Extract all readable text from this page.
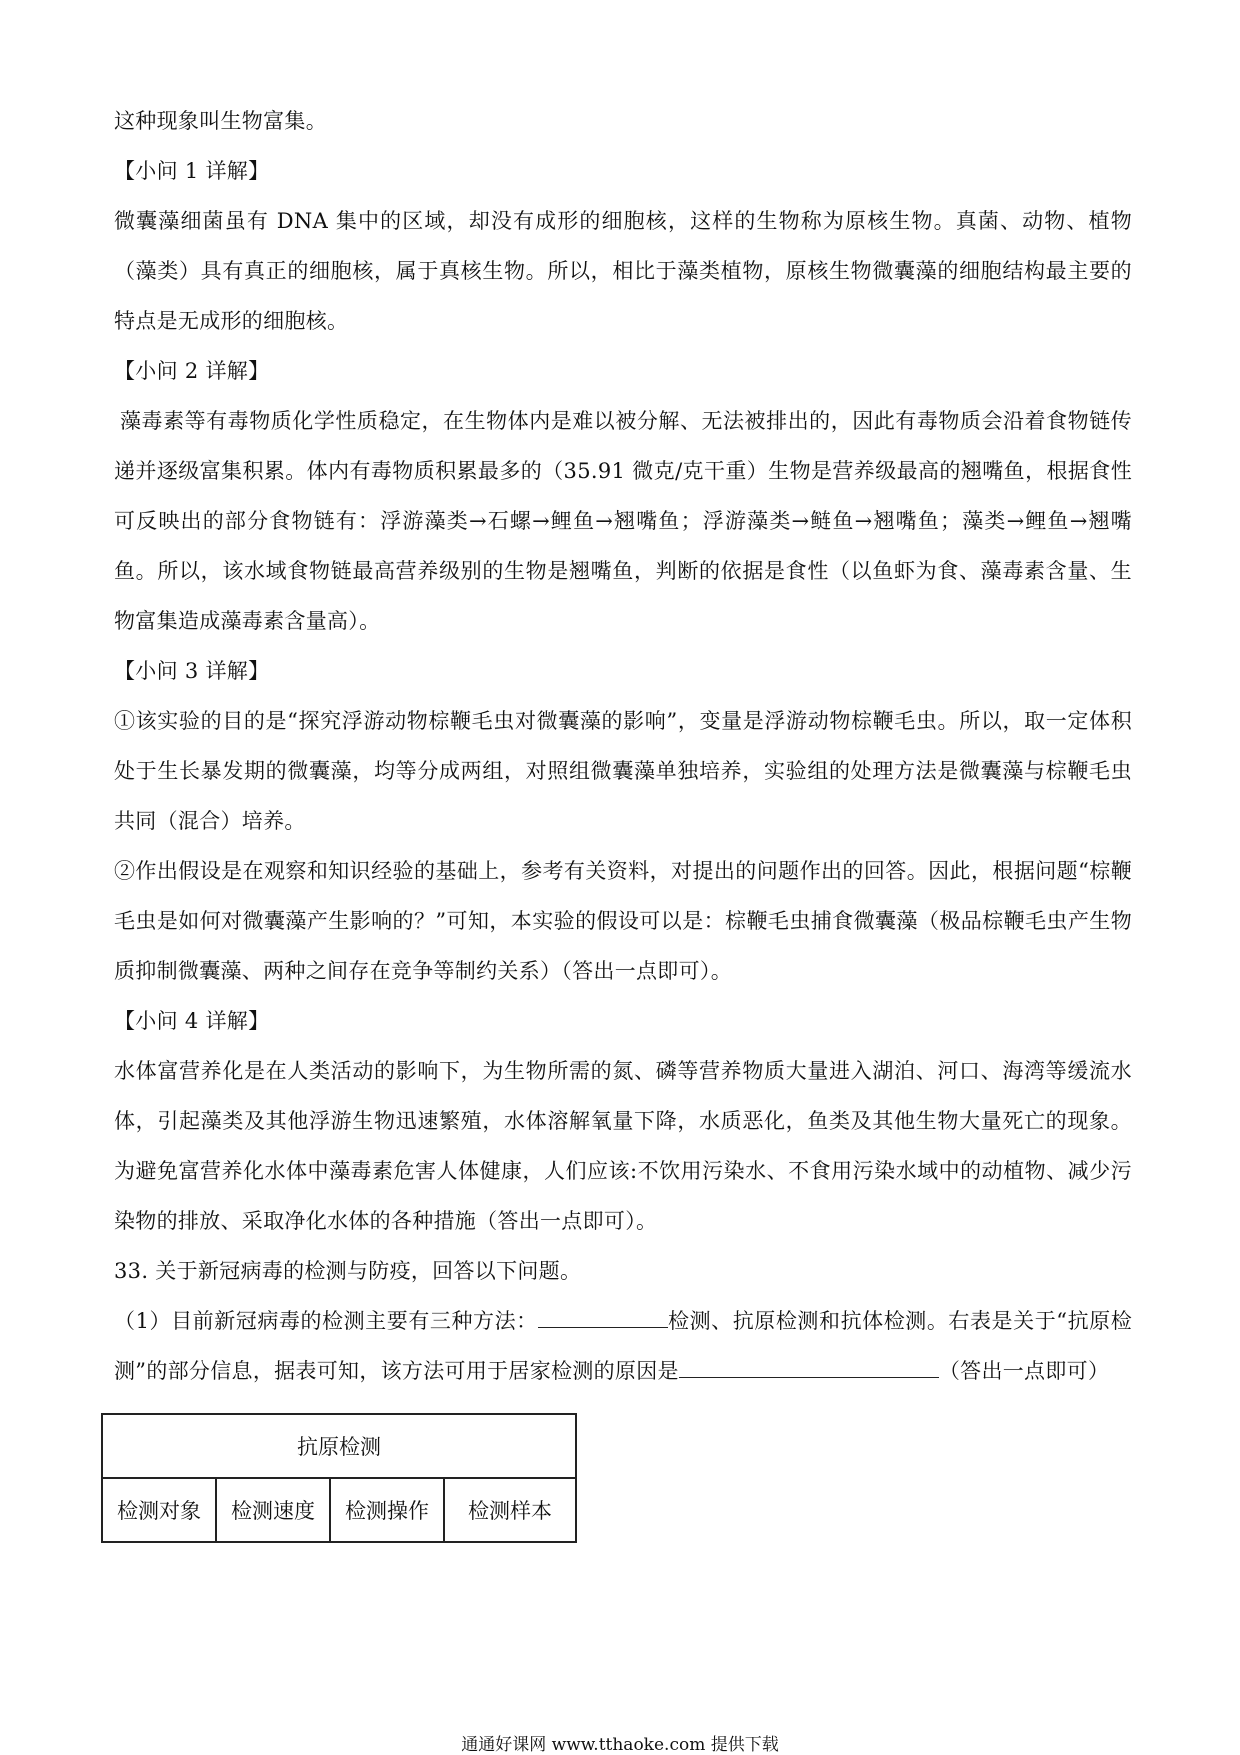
这种现象叫生物富集。

【小问 1 详解】

微囊藻细菌虽有 DNA 集中的区域，却没有成形的细胞核，这样的生物称为原核生物。真菌、动物、植物（藻类）具有真正的细胞核，属于真核生物。所以，相比于藻类植物，原核生物微囊藻的细胞结构最主要的特点是无成形的细胞核。

【小问 2 详解】

藻毒素等有毒物质化学性质稳定，在生物体内是难以被分解、无法被排出的，因此有毒物质会沿着食物链传递并逐级富集积累。体内有毒物质积累最多的（35.91 微克/克干重）生物是营养级最高的翘嘴鱼，根据食性可反映出的部分食物链有：浮游藻类→石螺→鲤鱼→翘嘴鱼；浮游藻类→鲢鱼→翘嘴鱼；藻类→鲤鱼→翘嘴鱼。所以，该水域食物链最高营养级别的生物是翘嘴鱼，判断的依据是食性（以鱼虾为食、藻毒素含量、生物富集造成藻毒素含量高）。

【小问 3 详解】

①该实验的目的是“探究浮游动物棕鞭毛虫对微囊藻的影响”，变量是浮游动物棕鞭毛虫。所以，取一定体积处于生长暴发期的微囊藻，均等分成两组，对照组微囊藻单独培养，实验组的处理方法是微囊藻与棕鞭毛虫共同（混合）培养。

②作出假设是在观察和知识经验的基础上，参考有关资料，对提出的问题作出的回答。因此，根据问题“棕鞭毛虫是如何对微囊藻产生影响的？”可知，本实验的假设可以是：棕鞭毛虫捕食微囊藻（极品棕鞭毛虫产生物质抑制微囊藻、两种之间存在竞争等制约关系）（答出一点即可）。

【小问 4 详解】

水体富营养化是在人类活动的影响下，为生物所需的氮、磷等营养物质大量进入湖泊、河口、海湾等缓流水体，引起藻类及其他浮游生物迅速繁殖，水体溶解氧量下降，水质恶化，鱼类及其他生物大量死亡的现象。为避免富营养化水体中藻毒素危害人体健康，人们应该:不饮用污染水、不食用污染水域中的动植物、减少污染物的排放、采取净化水体的各种措施（答出一点即可）。

33. 关于新冠病毒的检测与防疫，回答以下问题。

（1）目前新冠病毒的检测主要有三种方法：	检测、抗原检测和抗体检测。右表是关于“抗原检测”的部分信息，据表可知，该方法可用于居家检测的原因是	（答出一点即可）

抗原检测
检测对象	检测速度	检测操作	检测样本
通通好课网 www.tthaoke.com 提供下载
